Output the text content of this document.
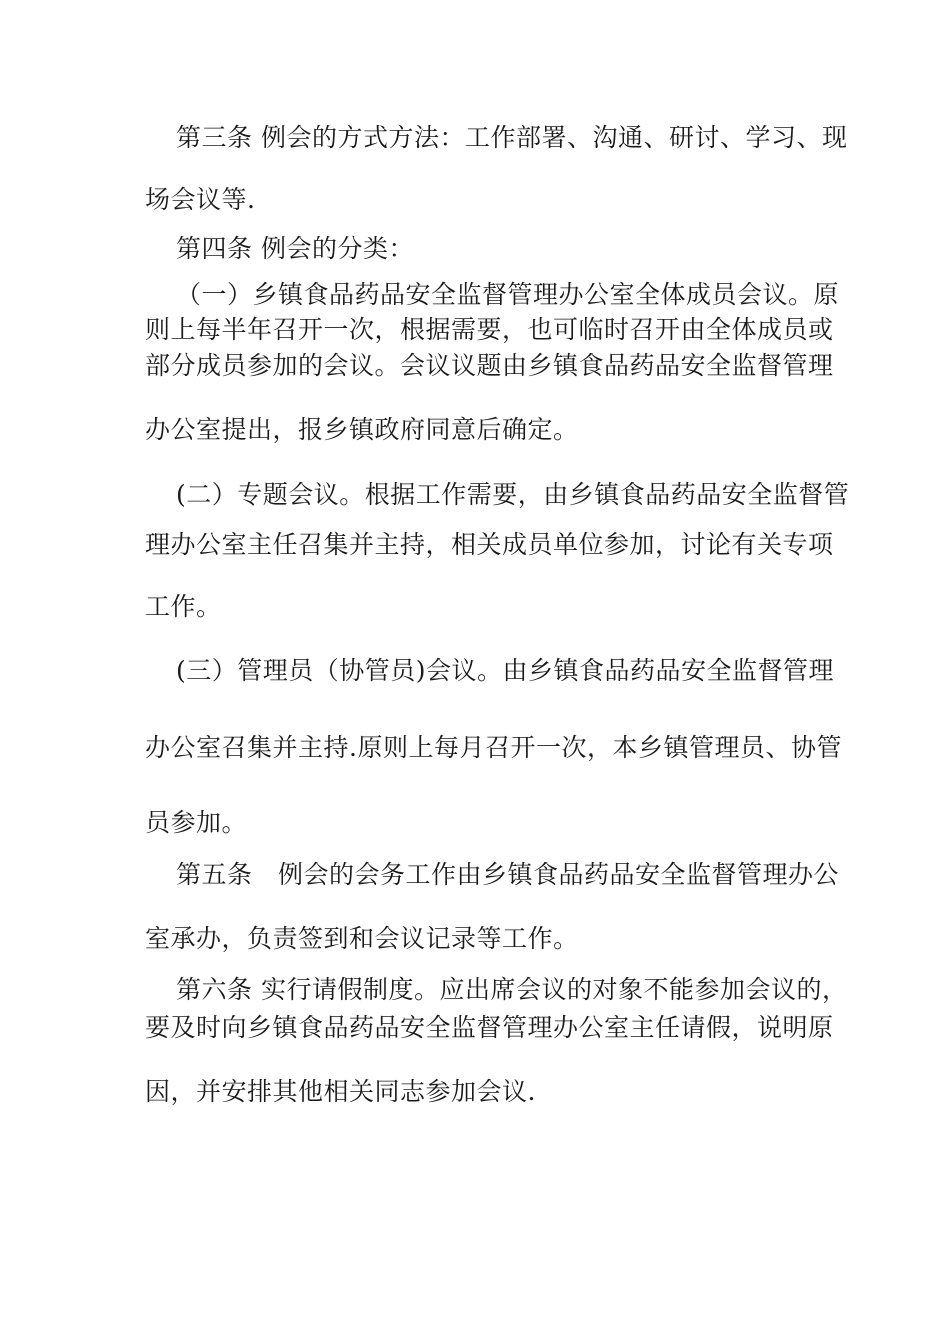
第三条 例会的方式方法：工作部署、沟通、研讨、学习、现
场会议等.
第四条 例会的分类：
（一）乡镇食品药品安全监督管理办公室全体成员会议。原
则上每半年召开一次，根据需要，也可临时召开由全体成员或
部分成员参加的会议。会议议题由乡镇食品药品安全监督管理
办公室提出，报乡镇政府同意后确定。
(二）专题会议。根据工作需要，由乡镇食品药品安全监督管
理办公室主任召集并主持，相关成员单位参加，讨论有关专项
工作。
(三）管理员（协管员)会议。由乡镇食品药品安全监督管理
办公室召集并主持.原则上每月召开一次，本乡镇管理员、协管
员参加。
第五条　例会的会务工作由乡镇食品药品安全监督管理办公
室承办，负责签到和会议记录等工作。
第六条 实行请假制度。应出席会议的对象不能参加会议的，
要及时向乡镇食品药品安全监督管理办公室主任请假，说明原
因，并安排其他相关同志参加会议.
